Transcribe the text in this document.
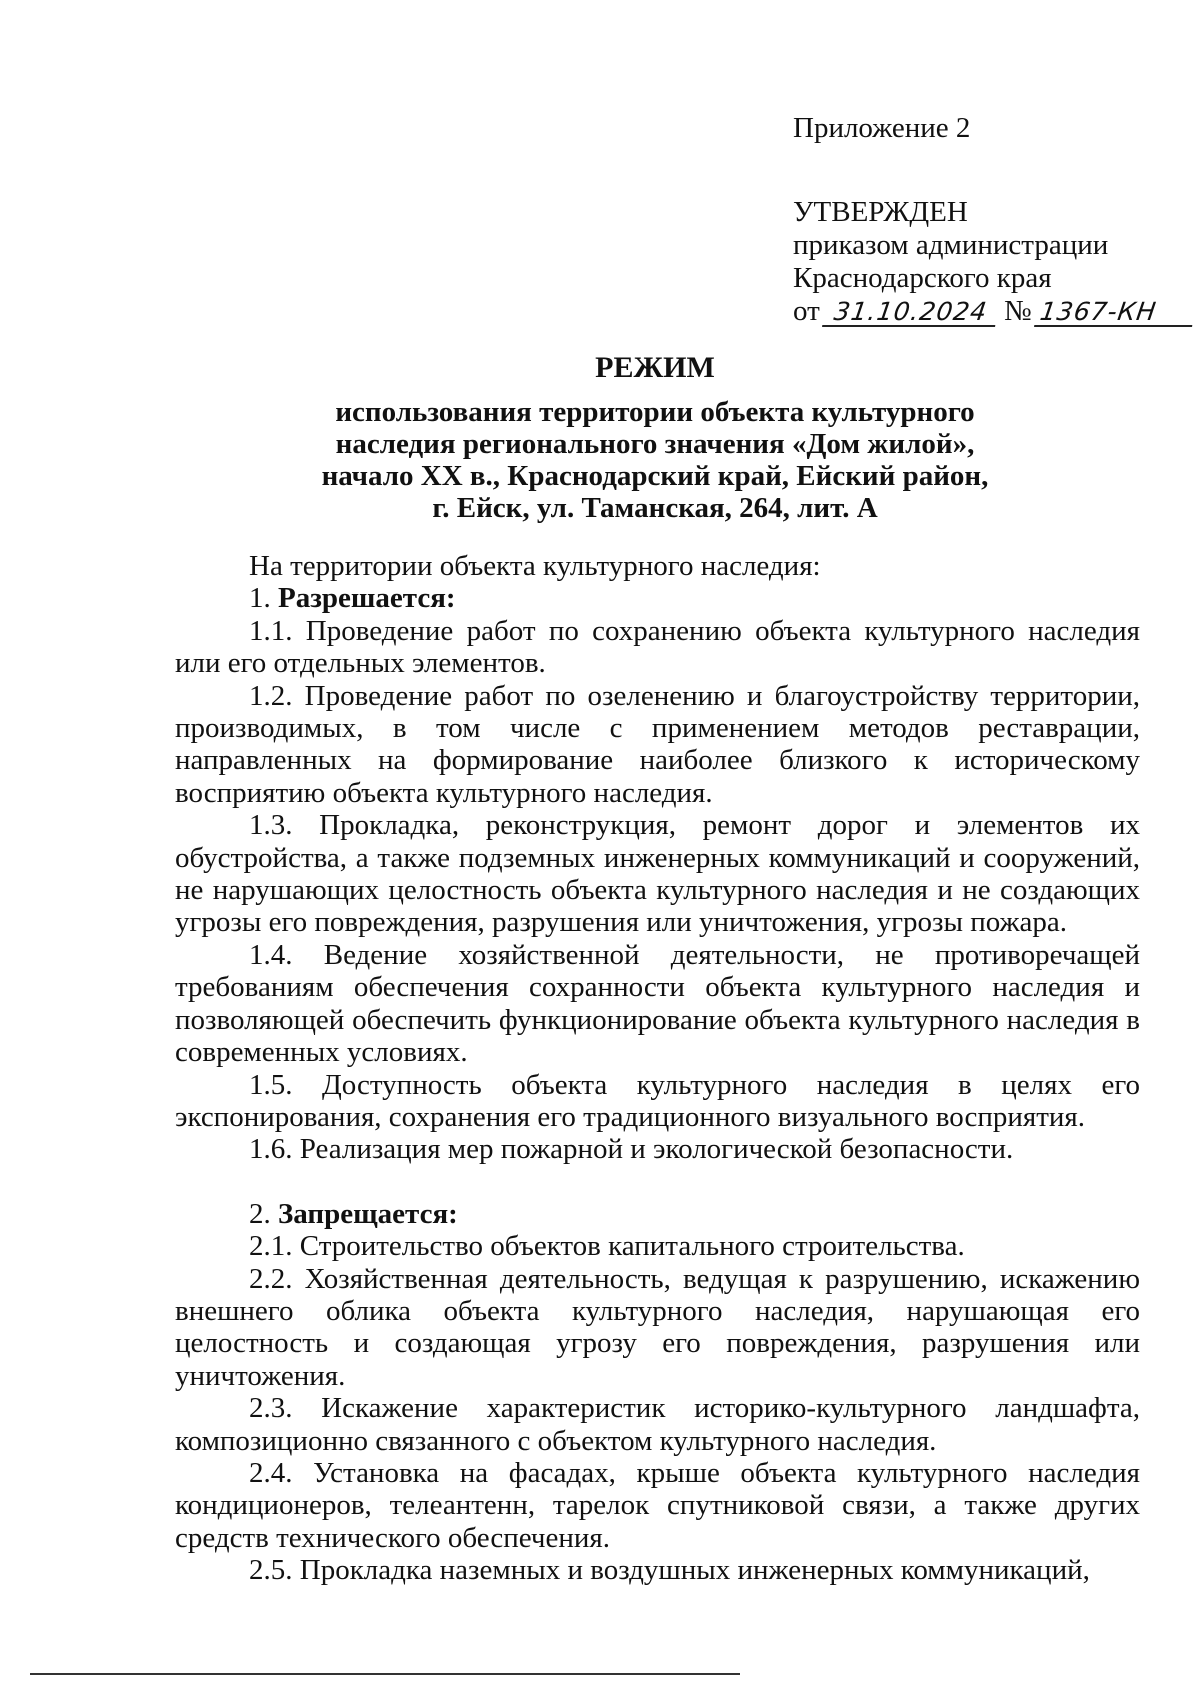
Приложение 2
УТВЕРЖДЕН
приказом администрации
Краснодарского края
от 31.10.2024 № 1367-КН
РЕЖИМ
использования территории объекта культурного
наследия регионального значения «Дом жилой»,
начало XX в., Краснодарский край, Ейский район,
г. Ейск, ул. Таманская, 264, лит. А

На территории объекта культурного наследия:

1. Разрешается:

1.1. Проведение работ по сохранению объекта культурного наследия или его отдельных элементов.

1.2. Проведение работ по озеленению и благоустройству территории, производимых, в том числе с применением методов реставрации, направленных на формирование наиболее близкого к историческому восприятию объекта культурного наследия.

1.3. Прокладка, реконструкция, ремонт дорог и элементов их обустройства, а также подземных инженерных коммуникаций и сооружений, не нарушающих целостность объекта культурного наследия и не создающих угрозы его повреждения, разрушения или уничтожения, угрозы пожара.

1.4. Ведение хозяйственной деятельности, не противоречащей требованиям обеспечения сохранности объекта культурного наследия и позволяющей обеспечить функционирование объекта культурного наследия в современных условиях.

1.5. Доступность объекта культурного наследия в целях его экспонирования, сохранения его традиционного визуального восприятия.

1.6. Реализация мер пожарной и экологической безопасности.

2. Запрещается:

2.1. Строительство объектов капитального строительства.

2.2. Хозяйственная деятельность, ведущая к разрушению, искажению внешнего облика объекта культурного наследия, нарушающая его целостность и создающая угрозу его повреждения, разрушения или уничтожения.

2.3. Искажение характеристик историко-культурного ландшафта, композиционно связанного с объектом культурного наследия.

2.4. Установка на фасадах, крыше объекта культурного наследия кондиционеров, телеантенн, тарелок спутниковой связи, а также других средств технического обеспечения.

2.5. Прокладка наземных и воздушных инженерных коммуникаций,
